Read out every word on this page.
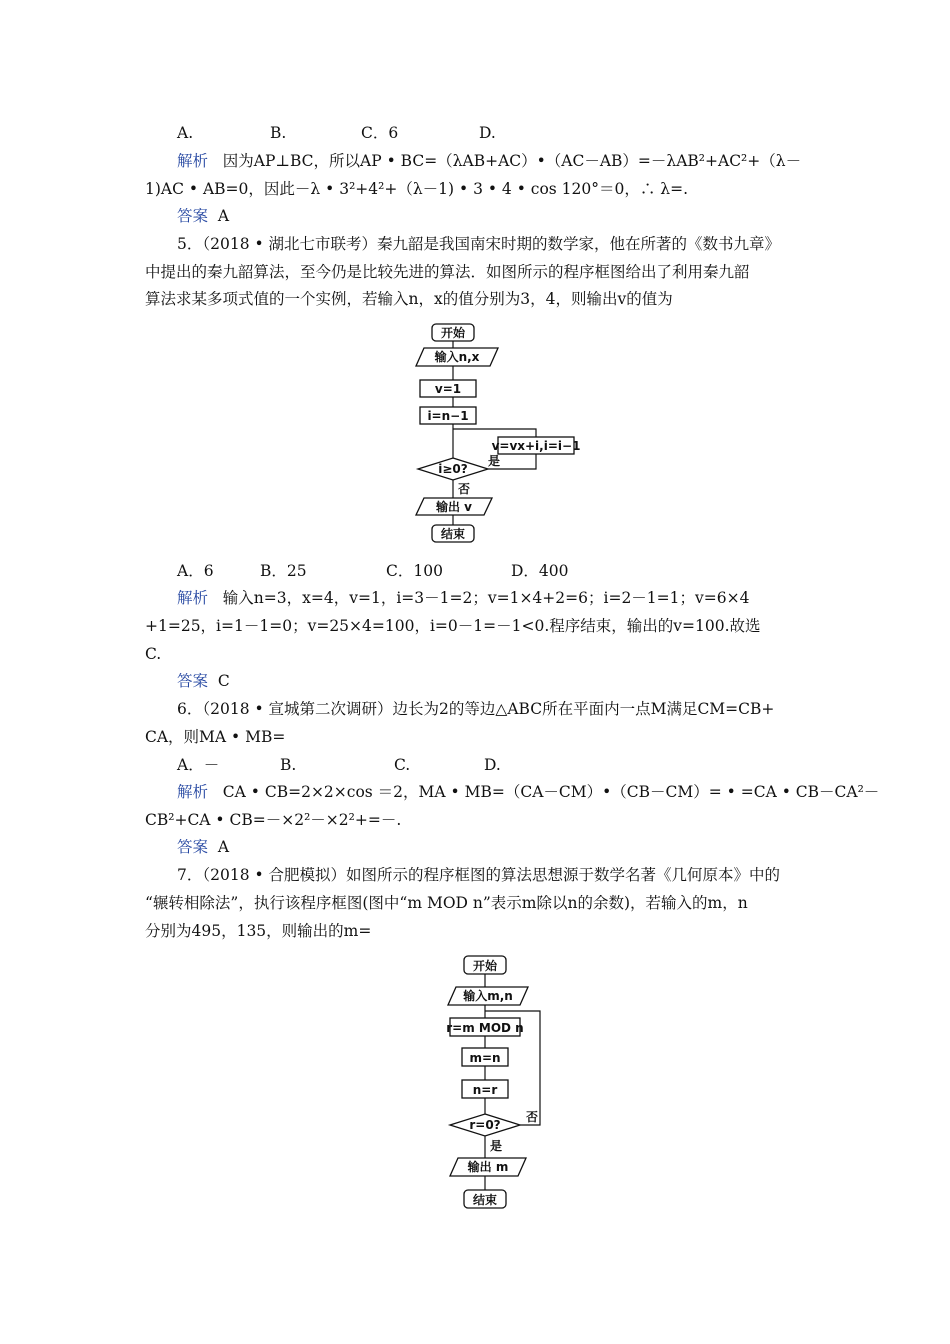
A.	B.	C．6	D.
解析 因为AP⊥BC，所以AP • BC=（λAB+AC）•（AC－AB）=－λAB²+AC²+（λ－
1)AC • AB=0，因此－λ • 3²+4²+（λ－1) • 3 • 4 • cos 120°＝0，∴ λ=.
答案 A
5．（2018 • 湖北七市联考）秦九韶是我国南宋时期的数学家，他在所著的《数书九章》
中提出的秦九韶算法，至今仍是比较先进的算法．如图所示的程序框图给出了利用秦九韶
算法求某多项式值的一个实例，若输入n，x的值分别为3，4，则输出v的值为
开始
输入n,x
v=1
i=n−1
v=vx+i,i=i−1
i≥0?
是
否
输出 v
结束
A．6	B．25	C．100	D．400
解析 输入n=3，x=4，v=1，i=3－1=2；v=1×4+2=6；i=2－1=1；v=6×4
+1=25，i=1－1=0；v=25×4=100，i=0－1=－1<0.程序结束，输出的v=100.故选
C.
答案 C
6．（2018 • 宣城第二次调研）边长为2的等边△ABC所在平面内一点M满足CM=CB+
CA，则MA • MB=
A．－	B.	C.	D.
解析 CA • CB=2×2×cos ＝2，MA • MB=（CA－CM）•（CB－CM）= • =CA • CB－CA²－
CB²+CA • CB=－×2²－×2²+=－.
答案 A
7．（2018 • 合肥模拟）如图所示的程序框图的算法思想源于数学名著《几何原本》中的
“辗转相除法”，执行该程序框图(图中“m MOD n”表示m除以n的余数)，若输入的m，n
分别为495，135，则输出的m=
开始
输入m,n
r=m MOD n
m=n
n=r
r=0?
否
是
输出 m
结束
